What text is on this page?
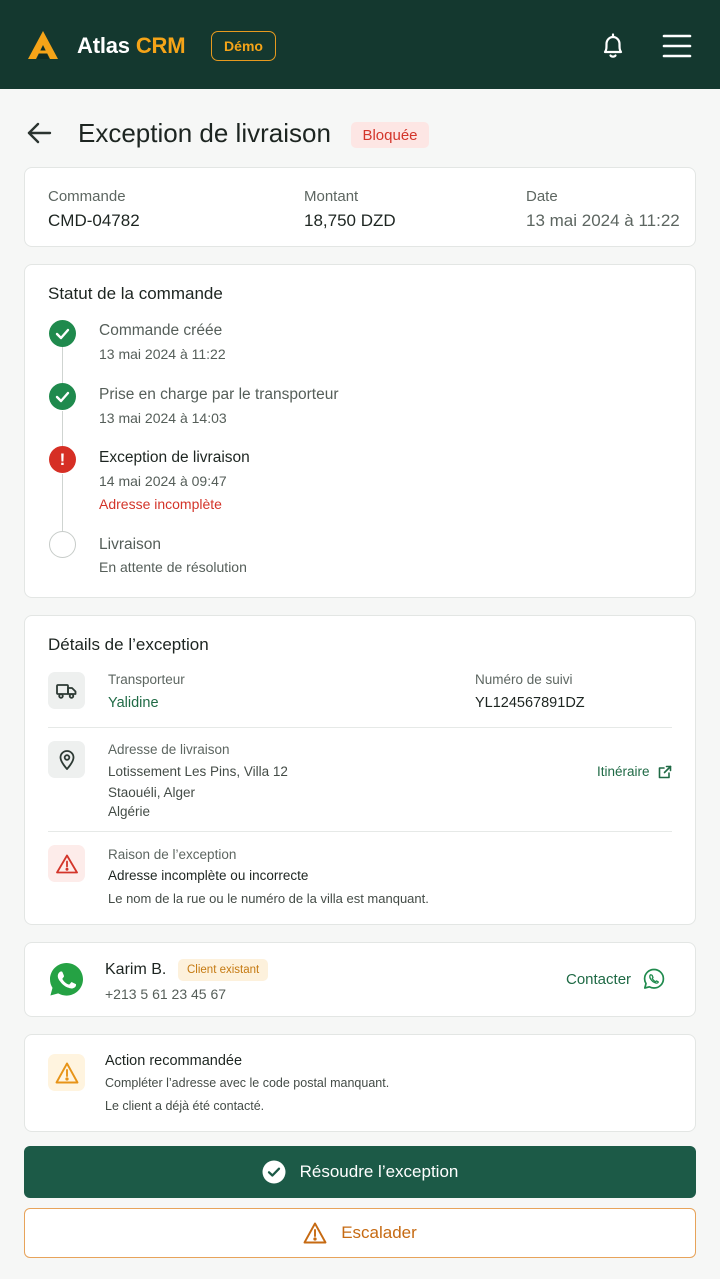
Atlas CRM	Démo
Exception de livraison	Bloquée
Commande
CMD-04782
Montant
18,750 DZD
Date
13 mai 2024 à 11:22
Statut de la commande
Commande créée
13 mai 2024 à 11:22
Prise en charge par le transporteur
13 mai 2024 à 14:03
!	Exception de livraison
14 mai 2024 à 09:47
Adresse incomplète
Livraison
En attente de résolution
Détails de l’exception
Transporteur
Yalidine
Numéro de suivi
YL124567891DZ
Adresse de livraison
Lotissement Les Pins, Villa 12
Staouéli, Alger
Algérie
Itinéraire
Raison de l’exception
Adresse incomplète ou incorrecte
Le nom de la rue ou le numéro de la villa est manquant.
Karim B.	Client existant
+213 5 61 23 45 67
Contacter
Action recommandée
Compléter l’adresse avec le code postal manquant.
Le client a déjà été contacté.
Résoudre l’exception
Escalader
